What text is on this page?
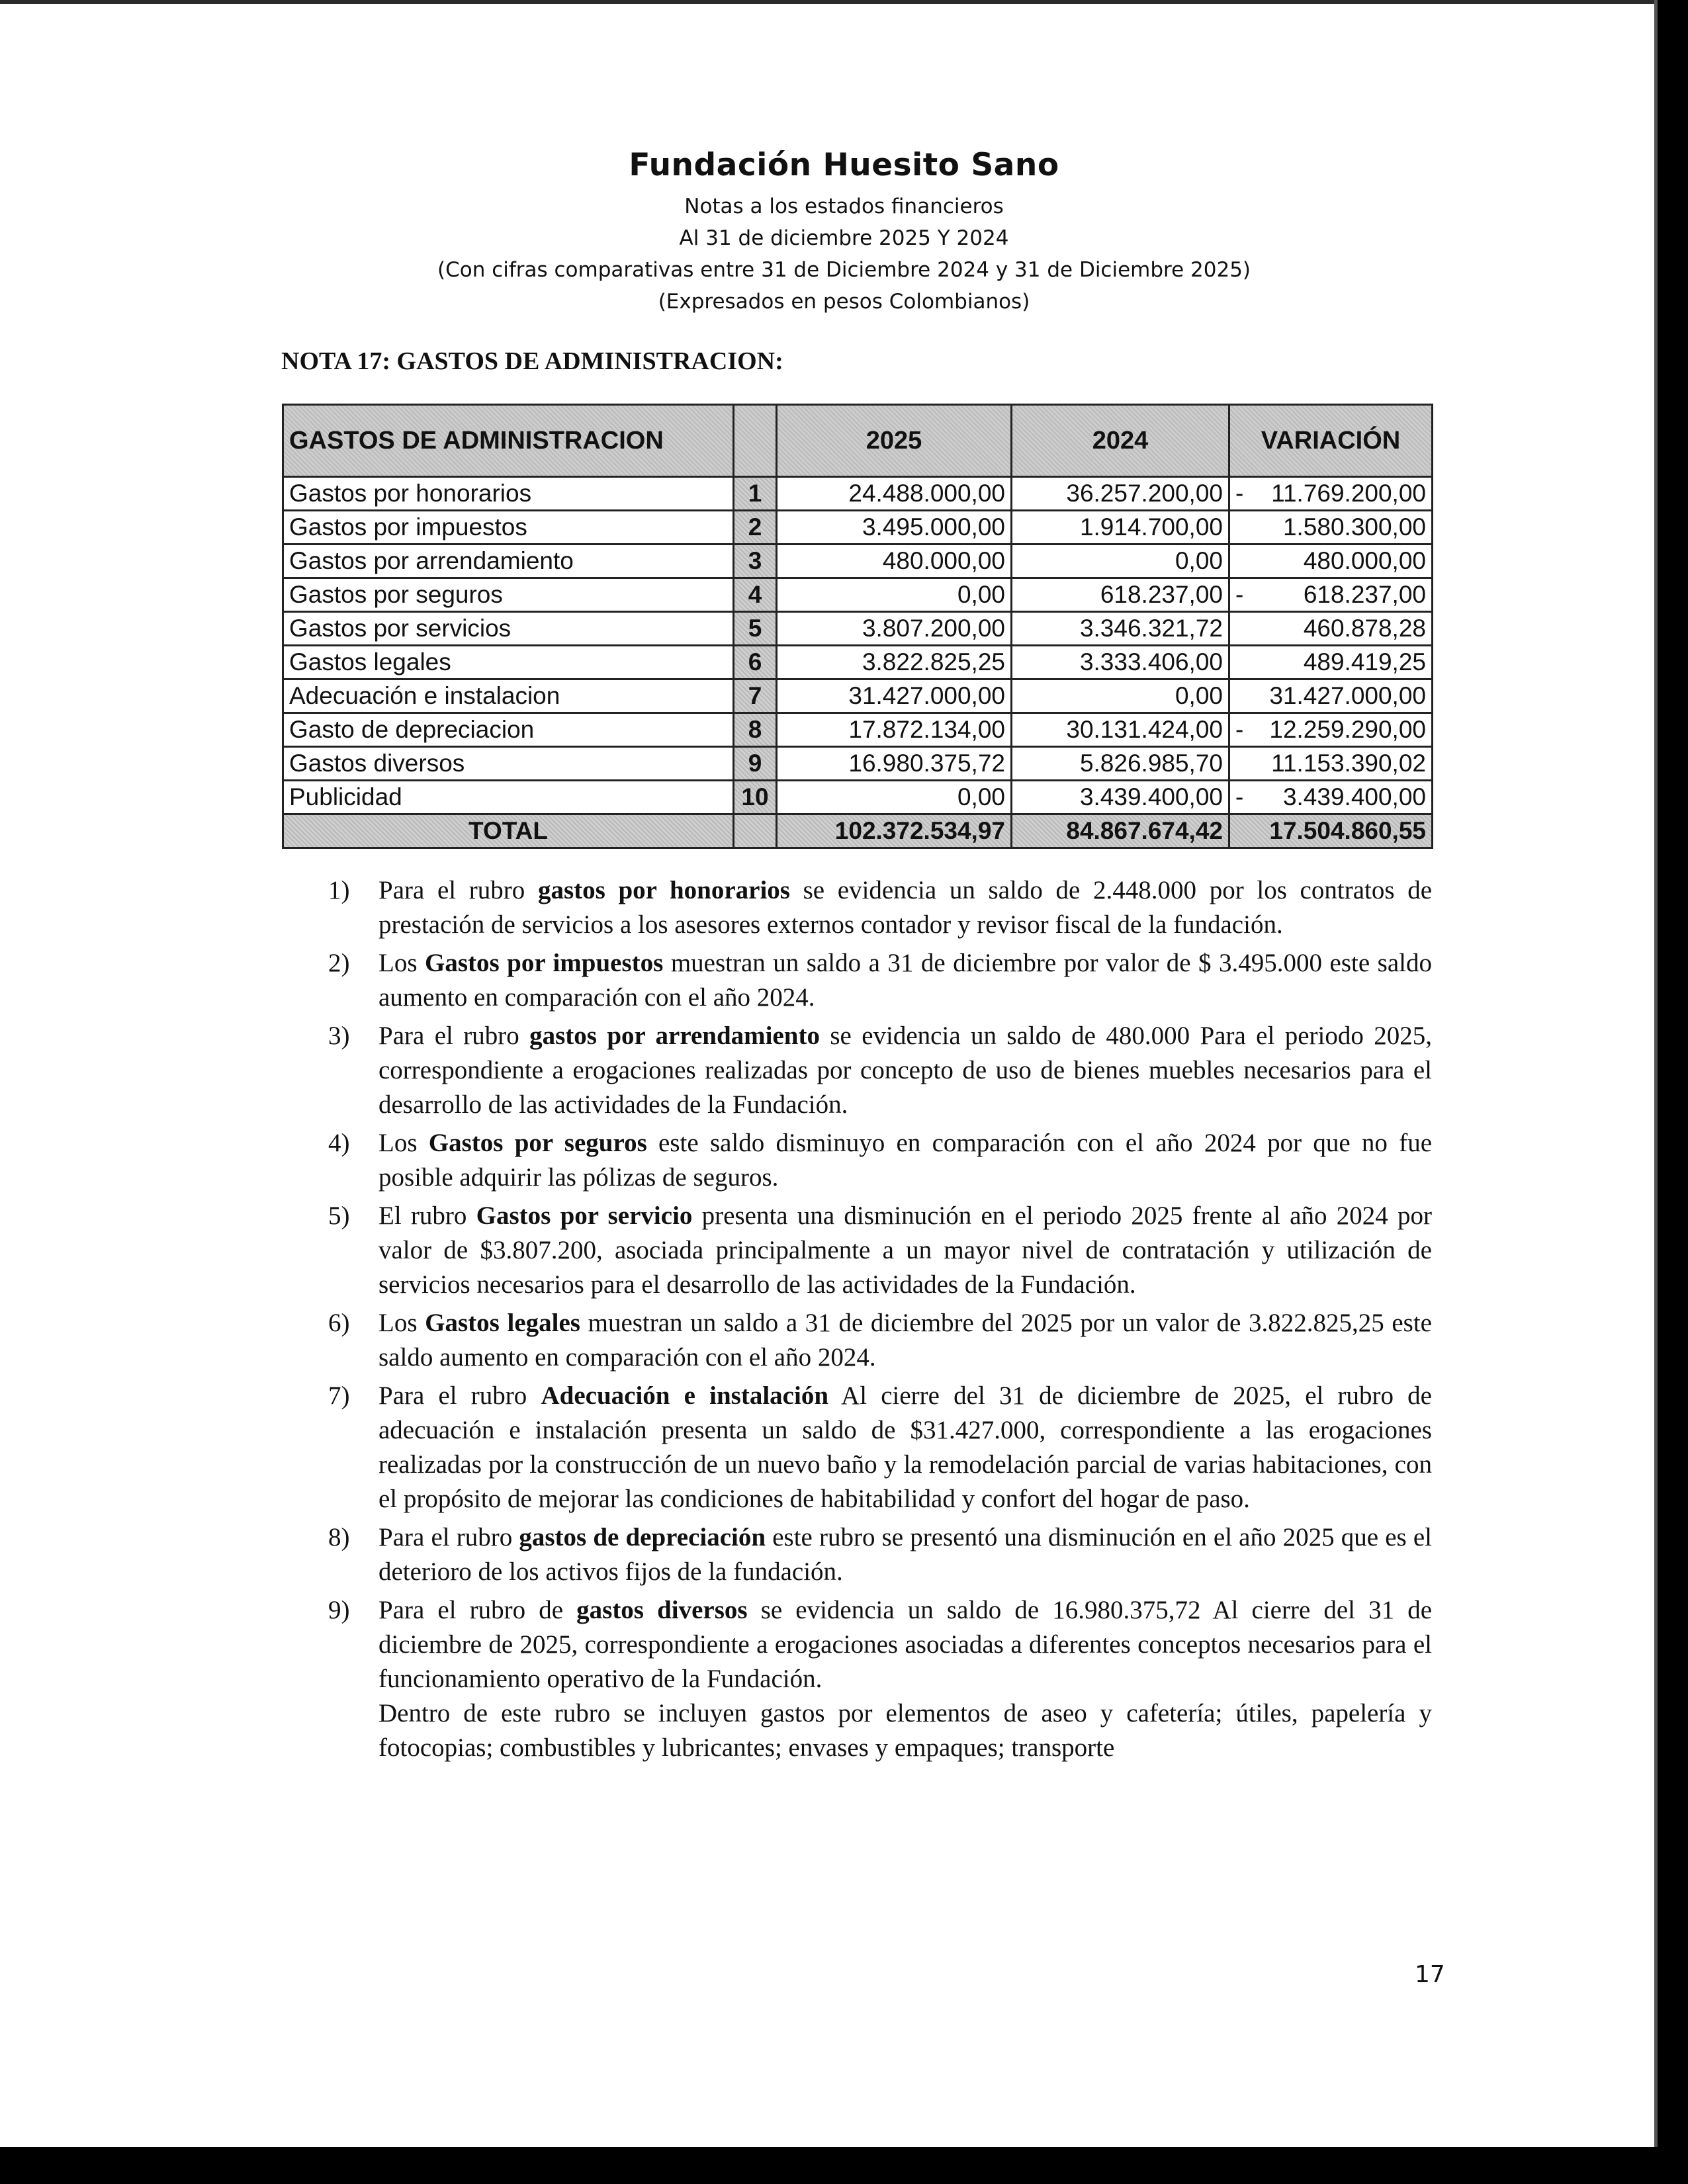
Fundación Huesito Sano
Notas a los estados financieros
Al 31 de diciembre 2025 Y 2024
(Con cifras comparativas entre 31 de Diciembre 2024 y 31 de Diciembre 2025)
(Expresados en pesos Colombianos)
NOTA 17: GASTOS DE ADMINISTRACION:
GASTOS DE ADMINISTRACION		2025	2024	VARIACIÓN
Gastos por honorarios	1	24.488.000,00	36.257.200,00	- 11.769.200,00

Gastos por impuestos	2	3.495.000,00	1.914.700,00	1.580.300,00

Gastos por arrendamiento	3	480.000,00	0,00	480.000,00

Gastos por seguros	4	0,00	618.237,00	- 618.237,00

Gastos por servicios	5	3.807.200,00	3.346.321,72	460.878,28

Gastos legales	6	3.822.825,25	3.333.406,00	489.419,25

Adecuación e instalacion	7	31.427.000,00	0,00	31.427.000,00

Gasto de depreciacion	8	17.872.134,00	30.131.424,00	- 12.259.290,00

Gastos diversos	9	16.980.375,72	5.826.985,70	11.153.390,02

Publicidad	10	0,00	3.439.400,00	- 3.439.400,00

TOTAL		102.372.534,97	84.867.674,42	17.504.860,55
1) Para el rubro gastos por honorarios se evidencia un saldo de 2.448.000 por los contratos de prestación de servicios a los asesores externos contador y revisor fiscal de la fundación.
2) Los Gastos por impuestos muestran un saldo a 31 de diciembre por valor de $ 3.495.000 este saldo aumento en comparación con el año 2024.
3) Para el rubro gastos por arrendamiento se evidencia un saldo de 480.000 Para el periodo 2025, correspondiente a erogaciones realizadas por concepto de uso de bienes muebles necesarios para el desarrollo de las actividades de la Fundación.
4) Los Gastos por seguros este saldo disminuyo en comparación con el año 2024 por que no fue posible adquirir las pólizas de seguros.
5) El rubro Gastos por servicio presenta una disminución en el periodo 2025 frente al año 2024 por valor de $3.807.200, asociada principalmente a un mayor nivel de contratación y utilización de servicios necesarios para el desarrollo de las actividades de la Fundación.
6) Los Gastos legales muestran un saldo a 31 de diciembre del 2025 por un valor de 3.822.825,25 este saldo aumento en comparación con el año 2024.
7) Para el rubro Adecuación e instalación Al cierre del 31 de diciembre de 2025, el rubro de adecuación e instalación presenta un saldo de $31.427.000, correspondiente a las erogaciones realizadas por la construcción de un nuevo baño y la remodelación parcial de varias habitaciones, con el propósito de mejorar las condiciones de habitabilidad y confort del hogar de paso.
8) Para el rubro gastos de depreciación este rubro se presentó una disminución en el año 2025 que es el deterioro de los activos fijos de la fundación.
9) Para el rubro de gastos diversos se evidencia un saldo de 16.980.375,72 Al cierre del 31 de diciembre de 2025, correspondiente a erogaciones asociadas a diferentes conceptos necesarios para el funcionamiento operativo de la Fundación.
Dentro de este rubro se incluyen gastos por elementos de aseo y cafetería; útiles, papelería y fotocopias; combustibles y lubricantes; envases y empaques; transporte
17
